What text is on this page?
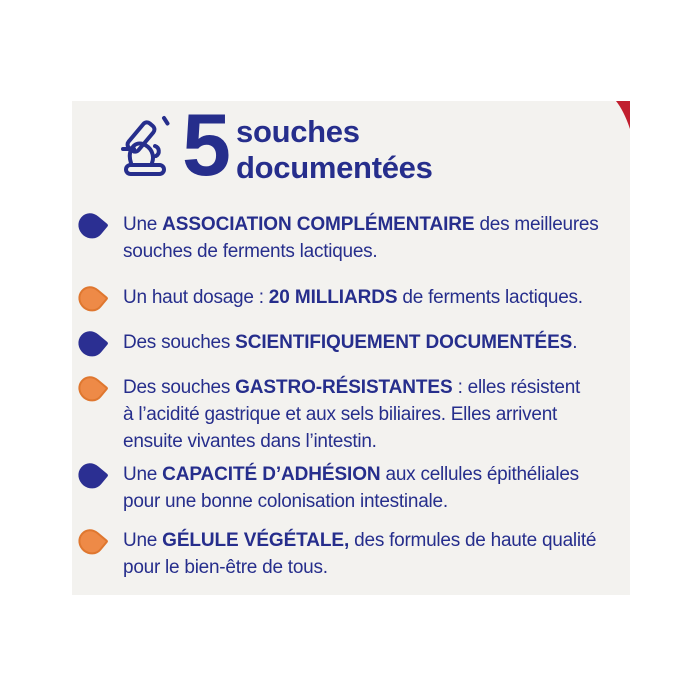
5 souches
documentées
Une ASSOCIATION COMPLÉMENTAIRE des meilleures
souches de ferments lactiques.
Un haut dosage : 20 MILLIARDS de ferments lactiques.
Des souches SCIENTIFIQUEMENT DOCUMENTÉES.
Des souches GASTRO-RÉSISTANTES : elles résistent
à l’acidité gastrique et aux sels biliaires. Elles arrivent
ensuite vivantes dans l’intestin.
Une CAPACITÉ D’ADHÉSION aux cellules épithéliales
pour une bonne colonisation intestinale.
Une GÉLULE VÉGÉTALE, des formules de haute qualité
pour le bien-être de tous.
